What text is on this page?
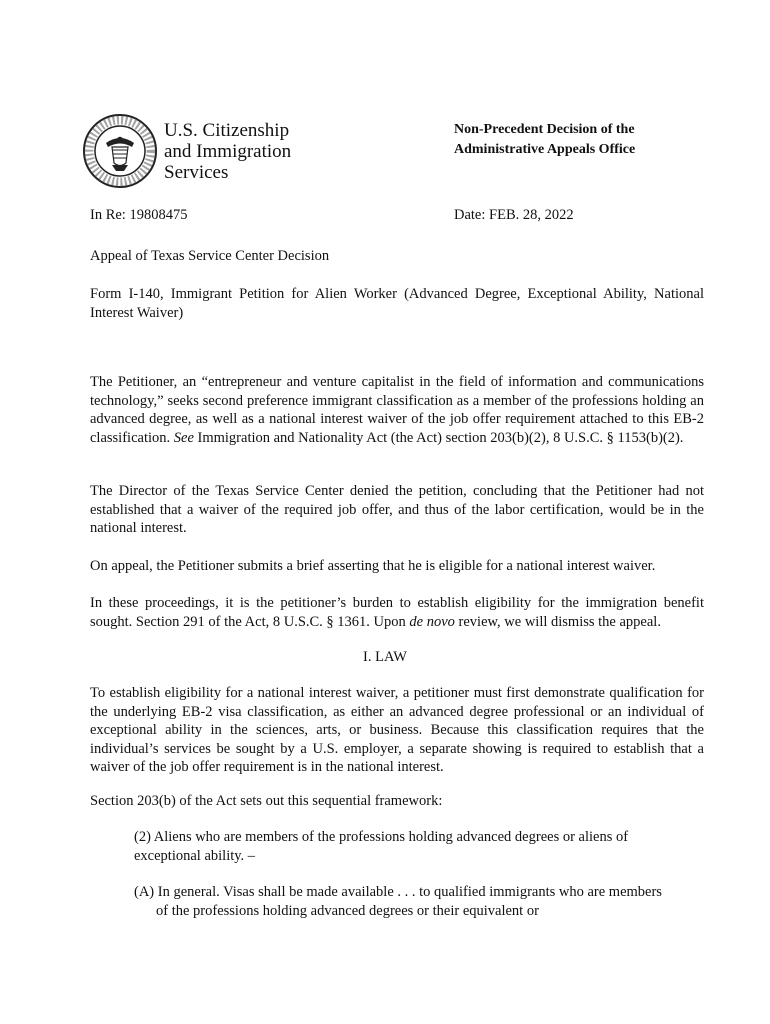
U.S. Citizenship
and Immigration
Services
Non-Precedent Decision of the
Administrative Appeals Office
In Re: 19808475	Date: FEB. 28, 2022
Appeal of Texas Service Center Decision
Form I-140, Immigrant Petition for Alien Worker (Advanced Degree, Exceptional Ability, National Interest Waiver)
The Petitioner, an “entrepreneur and venture capitalist in the field of information and communications technology,” seeks second preference immigrant classification as a member of the professions holding an advanced degree, as well as a national interest waiver of the job offer requirement attached to this EB-2 classification. See Immigration and Nationality Act (the Act) section 203(b)(2), 8 U.S.C. § 1153(b)(2).
The Director of the Texas Service Center denied the petition, concluding that the Petitioner had not established that a waiver of the required job offer, and thus of the labor certification, would be in the national interest.
On appeal, the Petitioner submits a brief asserting that he is eligible for a national interest waiver.
In these proceedings, it is the petitioner’s burden to establish eligibility for the immigration benefit sought. Section 291 of the Act, 8 U.S.C. § 1361. Upon de novo review, we will dismiss the appeal.
I. LAW
To establish eligibility for a national interest waiver, a petitioner must first demonstrate qualification for the underlying EB-2 visa classification, as either an advanced degree professional or an individual of exceptional ability in the sciences, arts, or business. Because this classification requires that the individual’s services be sought by a U.S. employer, a separate showing is required to establish that a waiver of the job offer requirement is in the national interest.
Section 203(b) of the Act sets out this sequential framework:
(2) Aliens who are members of the professions holding advanced degrees or aliens of exceptional ability. –
(A) In general. Visas shall be made available . . . to qualified immigrants who are members of the professions holding advanced degrees or their equivalent or
